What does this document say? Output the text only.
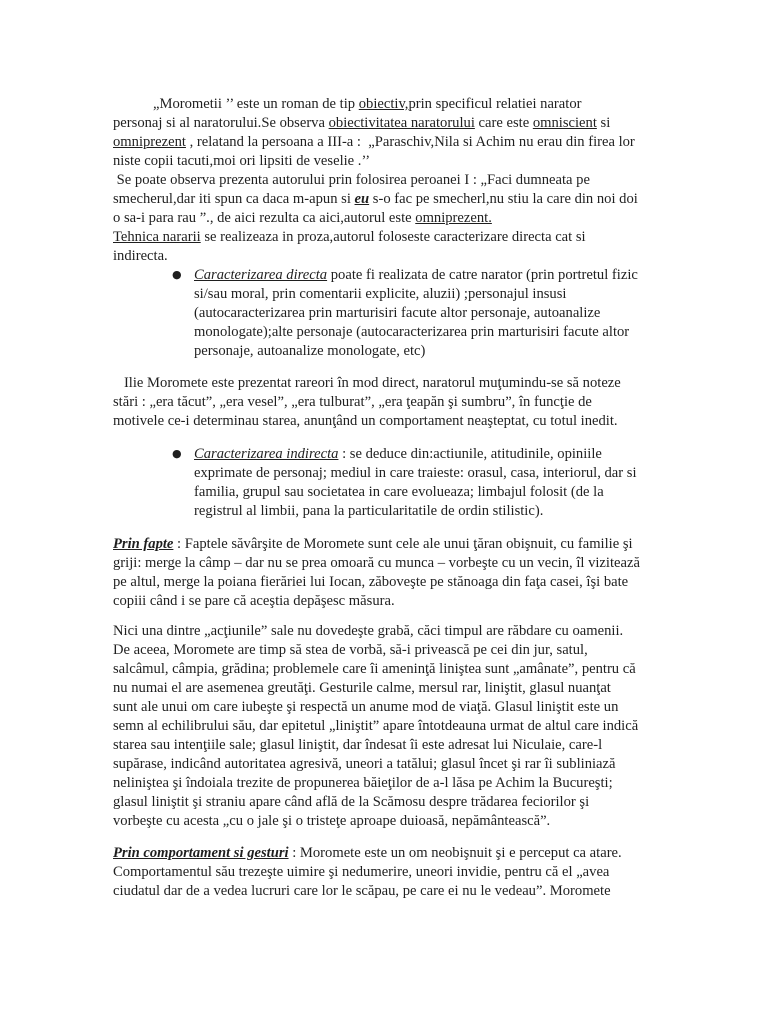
„Morometii ’’ este un roman de tip obiectiv,prin specificul relatiei narator
personaj si al naratorului.Se observa obiectivitatea naratorului care este omniscient si
omniprezent , relatand la persoana a III-a :  „Paraschiv,Nila si Achim nu erau din firea lor
niste copii tacuti,moi ori lipsiti de veselie .’’
Se poate observa prezenta autorului prin folosirea peroanei I : „Faci dumneata pe
smecherul,dar iti spun ca daca m-apun si eu s-o fac pe smecherl,nu stiu la care din noi doi
o sa-i para rau ”., de aici rezulta ca aici,autorul este omniprezent.
Tehnica nararii se realizeaza in proza,autorul foloseste caracterizare directa cat si
indirecta.
● Caracterizarea directa poate fi realizata de catre narator (prin portretul fizic
si/sau moral, prin comentarii explicite, aluzii) ;personajul insusi
(autocaracterizarea prin marturisiri facute altor personaje, autoanalize
monologate);alte personaje (autocaracterizarea prin marturisiri facute altor
personaje, autoanalize monologate, etc)
Ilie Moromete este prezentat rareori în mod direct, naratorul muţumindu-se să noteze
stări : „era tăcut”, „era vesel”, „era tulburat”, „era ţeapăn şi sumbru”, în funcţie de
motivele ce-i determinau starea, anunţând un comportament neaşteptat, cu totul inedit.
● Caracterizarea indirecta : se deduce din:actiunile, atitudinile, opiniile
exprimate de personaj; mediul in care traieste: orasul, casa, interiorul, dar si
familia, grupul sau societatea in care evolueaza; limbajul folosit (de la
registrul al limbii, pana la particularitatile de ordin stilistic).
Prin fapte : Faptele săvârşite de Moromete sunt cele ale unui ţăran obişnuit, cu familie şi
griji: merge la câmp – dar nu se prea omoară cu munca – vorbeşte cu un vecin, îl vizitează
pe altul, merge la poiana fierăriei lui Iocan, zăboveşte pe stănoaga din faţa casei, îşi bate
copiii când i se pare că aceştia depăşesc măsura.
Nici una dintre „acţiunile” sale nu dovedeşte grabă, căci timpul are răbdare cu oamenii.
De aceea, Moromete are timp să stea de vorbă, să-i privească pe cei din jur, satul,
salcâmul, câmpia, grădina; problemele care îi ameninţă liniştea sunt „amânate”, pentru că
nu numai el are asemenea greutăţi. Gesturile calme, mersul rar, liniştit, glasul nuanţat
sunt ale unui om care iubeşte şi respectă un anume mod de viaţă. Glasul liniştit este un
semn al echilibrului său, dar epitetul „liniştit” apare întotdeauna urmat de altul care indică
starea sau intenţiile sale; glasul liniştit, dar îndesat îi este adresat lui Niculaie, care-l
supărase, indicând autoritatea agresivă, uneori a tatălui; glasul încet şi rar îi subliniază
neliniştea şi îndoiala trezite de propunerea băieţilor de a-l lăsa pe Achim la Bucureşti;
glasul liniştit şi straniu apare când află de la Scămosu despre trădarea feciorilor şi
vorbeşte cu acesta „cu o jale şi o tristeţe aproape duioasă, nepământească”.
Prin comportament si gesturi : Moromete este un om neobişnuit şi e perceput ca atare.
Comportamentul său trezeşte uimire şi nedumerire, uneori invidie, pentru că el „avea
ciudatul dar de a vedea lucruri care lor le scăpau, pe care ei nu le vedeau”. Moromete
